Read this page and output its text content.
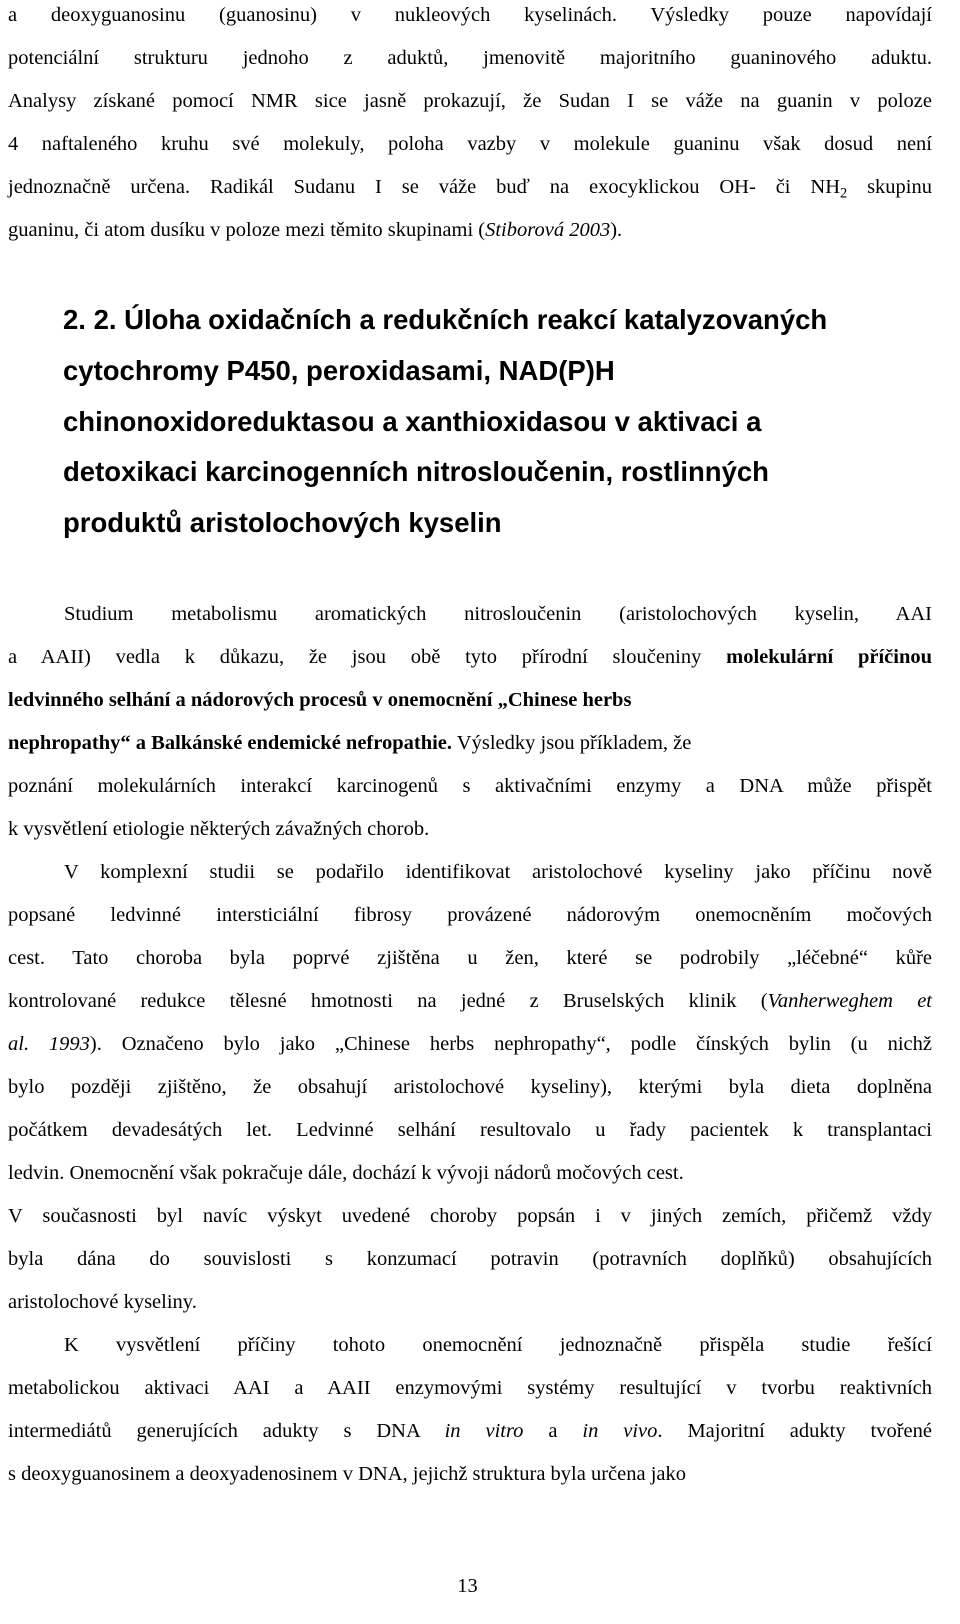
a deoxyguanosinu (guanosinu) v nukleových kyselinách. Výsledky pouze napovídají
potenciální strukturu jednoho z aduktů, jmenovitě majoritního guaninového aduktu.
Analysy získané pomocí NMR sice jasně prokazují, že Sudan I se váže na guanin v poloze
4 naftaleného kruhu své molekuly, poloha vazby v molekule guaninu však dosud není
jednoznačně určena. Radikál Sudanu I se váže buď na exocyklickou OH- či $NH_2$ skupinu
guaninu, či atom dusíku v poloze mezi těmito skupinami (Stiborová 2003).
2. 2. Úloha oxidačních a redukčních reakcí katalyzovaných
cytochromy P450, peroxidasami, NAD(P)H
chinonoxidoreduktasou a xanthioxidasou v aktivaci a
detoxikaci karcinogenních nitrosloučenin, rostlinných
produktů aristolochových kyselin
Studium metabolismu aromatických nitrosloučenin (aristolochových kyselin, AAI
a AAII) vedla k důkazu, že jsou obě tyto přírodní sloučeniny molekulární příčinou
ledvinného selhání a nádorových procesů v onemocnění „Chinese herbs
nephropathy“ a Balkánské endemické nefropathie. Výsledky jsou příkladem, že
poznání molekulárních interakcí karcinogenů s aktivačními enzymy a DNA může přispět
k vysvětlení etiologie některých závažných chorob.
V komplexní studii se podařilo identifikovat aristolochové kyseliny jako příčinu nově
popsané ledvinné intersticiální fibrosy provázené nádorovým onemocněním močových
cest. Tato choroba byla poprvé zjištěna u žen, které se podrobily „léčebné“ kůře
kontrolované redukce tělesné hmotnosti na jedné z Bruselských klinik (Vanherweghem et
al. 1993). Označeno bylo jako „Chinese herbs nephropathy“, podle čínských bylin (u nichž
bylo později zjištěno, že obsahují aristolochové kyseliny), kterými byla dieta doplněna
počátkem devadesátých let. Ledvinné selhání resultovalo u řady pacientek k transplantaci
ledvin. Onemocnění však pokračuje dále, dochází k vývoji nádorů močových cest.
V současnosti byl navíc výskyt uvedené choroby popsán i v jiných zemích, přičemž vždy
byla dána do souvislosti s konzumací potravin (potravních doplňků) obsahujících
aristolochové kyseliny.
K vysvětlení příčiny tohoto onemocnění jednoznačně přispěla studie řešící
metabolickou aktivaci AAI a AAII enzymovými systémy resultující v tvorbu reaktivních
intermediátů generujících adukty s DNA in vitro a in vivo. Majoritní adukty tvořené
s deoxyguanosinem a deoxyadenosinem v DNA, jejichž struktura byla určena jako
13
